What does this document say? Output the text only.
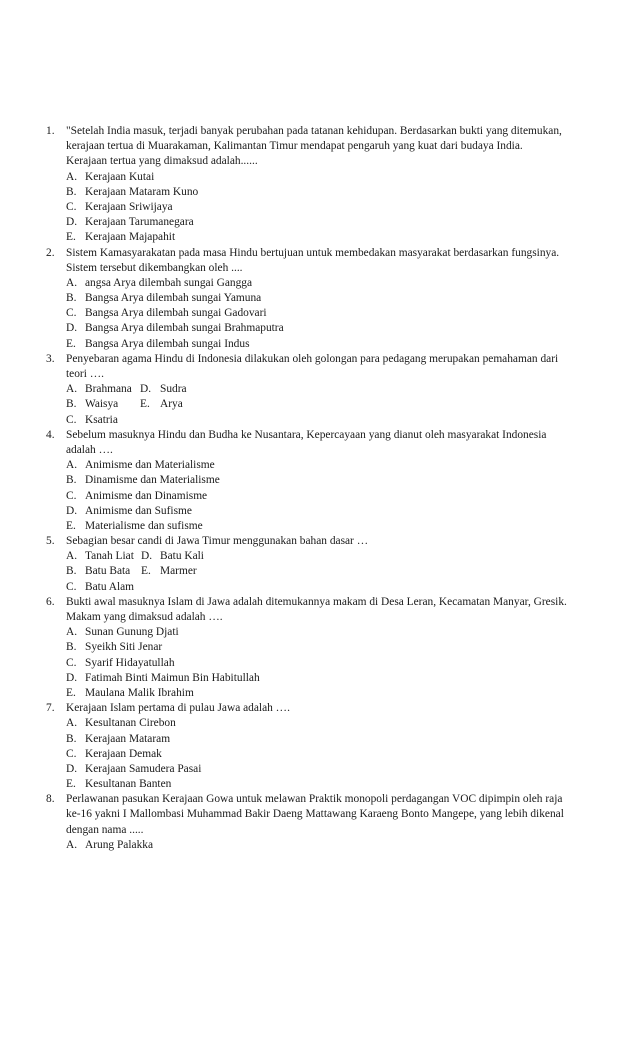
1. "Setelah India masuk, terjadi banyak perubahan pada tatanan kehidupan. Berdasarkan bukti yang ditemukan,
kerajaan tertua di Muarakaman, Kalimantan Timur mendapat pengaruh yang kuat dari budaya India.
Kerajaan tertua yang dimaksud adalah......
A. Kerajaan Kutai
B. Kerajaan Mataram Kuno
C. Kerajaan Sriwijaya
D. Kerajaan Tarumanegara
E. Kerajaan Majapahit
2. Sistem Kamasyarakatan pada masa Hindu bertujuan untuk membedakan masyarakat berdasarkan fungsinya.
Sistem tersebut dikembangkan oleh ....
A. angsa Arya dilembah sungai Gangga
B. Bangsa Arya dilembah sungai Yamuna
C. Bangsa Arya dilembah sungai Gadovari
D. Bangsa Arya dilembah sungai Brahmaputra
E. Bangsa Arya dilembah sungai Indus
3. Penyebaran agama Hindu di Indonesia dilakukan oleh golongan para pedagang merupakan pemahaman dari
teori ….
A. Brahmana D. Sudra
B. Waisya E. Arya
C. Ksatria
4. Sebelum masuknya Hindu dan Budha ke Nusantara, Kepercayaan yang dianut oleh masyarakat Indonesia
adalah ….
A. Animisme dan Materialisme
B. Dinamisme dan Materialisme
C. Animisme dan Dinamisme
D. Animisme dan Sufisme
E. Materialisme dan sufisme
5. Sebagian besar candi di Jawa Timur menggunakan bahan dasar …
A. Tanah Liat D. Batu Kali
B. Batu Bata E. Marmer
C. Batu Alam
6. Bukti awal masuknya Islam di Jawa adalah ditemukannya makam di Desa Leran, Kecamatan Manyar, Gresik.
Makam yang dimaksud adalah ….
A. Sunan Gunung Djati
B. Syeikh Siti Jenar
C. Syarif Hidayatullah
D. Fatimah Binti Maimun Bin Habitullah
E. Maulana Malik Ibrahim
7. Kerajaan Islam pertama di pulau Jawa adalah ….
A. Kesultanan Cirebon
B. Kerajaan Mataram
C. Kerajaan Demak
D. Kerajaan Samudera Pasai
E. Kesultanan Banten
8. Perlawanan pasukan Kerajaan Gowa untuk melawan Praktik monopoli perdagangan VOC dipimpin oleh raja
ke-16 yakni I Mallombasi Muhammad Bakir Daeng Mattawang Karaeng Bonto Mangepe, yang lebih dikenal
dengan nama .....
A. Arung Palakka
